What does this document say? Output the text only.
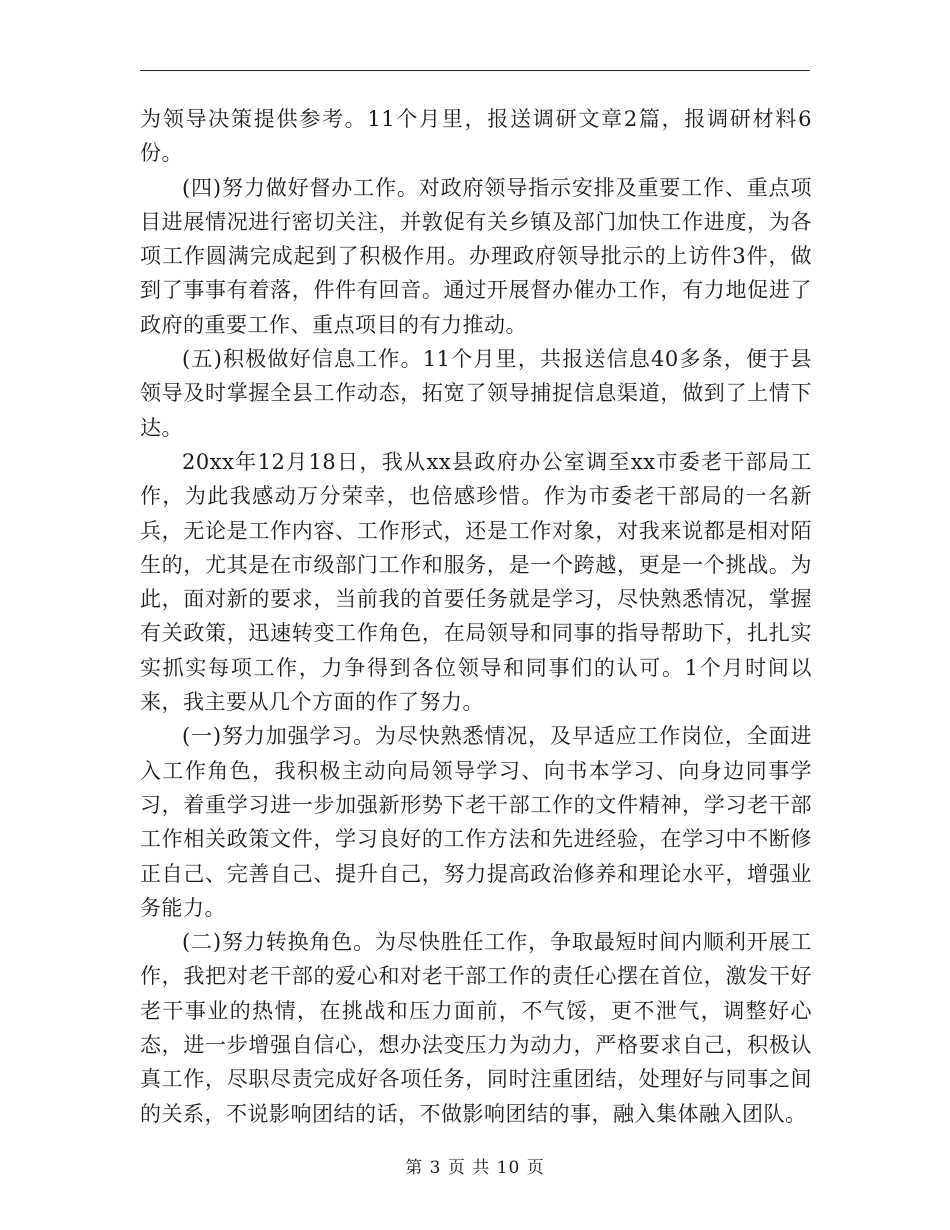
为领导决策提供参考。11个月里，报送调研文章2篇，报调研材料6份。

(四)努力做好督办工作。对政府领导指示安排及重要工作、重点项目进展情况进行密切关注，并敦促有关乡镇及部门加快工作进度，为各项工作圆满完成起到了积极作用。办理政府领导批示的上访件3件，做到了事事有着落，件件有回音。通过开展督办催办工作，有力地促进了政府的重要工作、重点项目的有力推动。

(五)积极做好信息工作。11个月里，共报送信息40多条，便于县领导及时掌握全县工作动态，拓宽了领导捕捉信息渠道，做到了上情下达。

20xx年12月18日，我从xx县政府办公室调至xx市委老干部局工作，为此我感动万分荣幸，也倍感珍惜。作为市委老干部局的一名新兵，无论是工作内容、工作形式，还是工作对象，对我来说都是相对陌生的，尤其是在市级部门工作和服务，是一个跨越，更是一个挑战。为此，面对新的要求，当前我的首要任务就是学习，尽快熟悉情况，掌握有关政策，迅速转变工作角色，在局领导和同事的指导帮助下，扎扎实实抓实每项工作，力争得到各位领导和同事们的认可。1个月时间以来，我主要从几个方面的作了努力。

(一)努力加强学习。为尽快熟悉情况，及早适应工作岗位，全面进入工作角色，我积极主动向局领导学习、向书本学习、向身边同事学习，着重学习进一步加强新形势下老干部工作的文件精神，学习老干部工作相关政策文件，学习良好的工作方法和先进经验，在学习中不断修正自己、完善自己、提升自己，努力提高政治修养和理论水平，增强业务能力。

(二)努力转换角色。为尽快胜任工作，争取最短时间内顺利开展工作，我把对老干部的爱心和对老干部工作的责任心摆在首位，激发干好老干事业的热情，在挑战和压力面前，不气馁，更不泄气，调整好心态，进一步增强自信心，想办法变压力为动力，严格要求自己，积极认真工作，尽职尽责完成好各项任务，同时注重团结，处理好与同事之间的关系，不说影响团结的话，不做影响团结的事，融入集体融入团队。

第 3 页 共 10 页
